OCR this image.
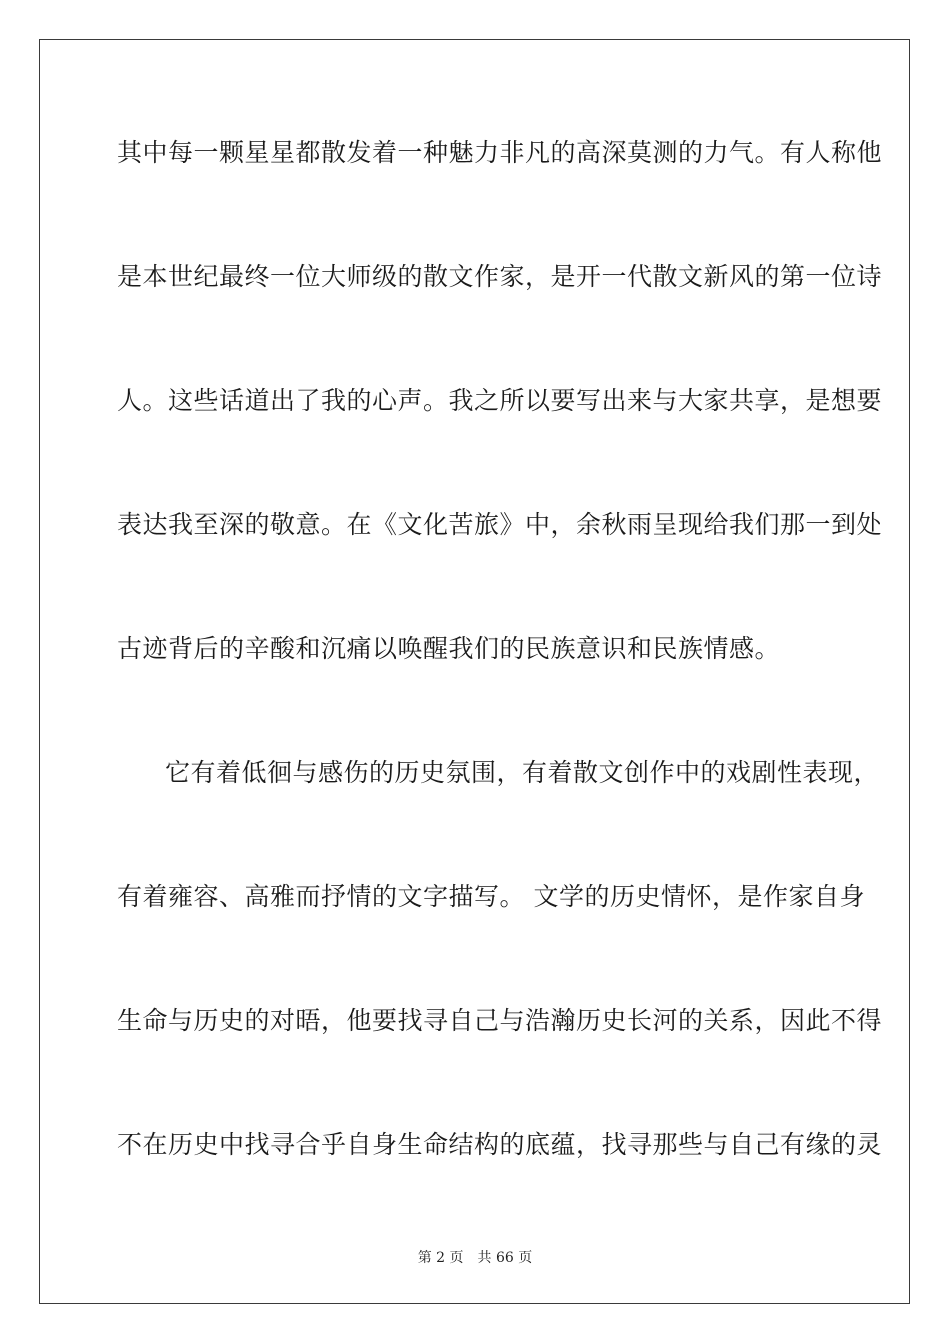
其中每一颗星星都散发着一种魅力非凡的高深莫测的力气。有人称他
是本世纪最终一位大师级的散文作家，是开一代散文新风的第一位诗
人。这些话道出了我的心声。我之所以要写出来与大家共享，是想要
表达我至深的敬意。在《文化苦旅》中，余秋雨呈现给我们那一到处
古迹背后的辛酸和沉痛以唤醒我们的民族意识和民族情感。
它有着低徊与感伤的历史氛围，有着散文创作中的戏剧性表现，
有着雍容、高雅而抒情的文字描写。 文学的历史情怀，是作家自身
生命与历史的对晤，他要找寻自己与浩瀚历史长河的关系，因此不得
不在历史中找寻合乎自身生命结构的底蕴，找寻那些与自己有缘的灵
第 2 页 共 66 页
